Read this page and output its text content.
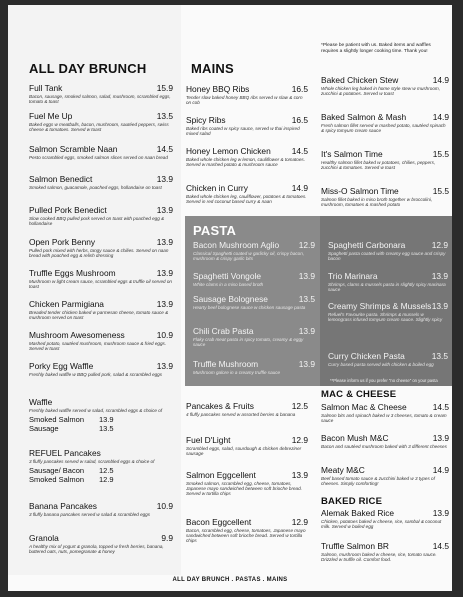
ALL DAY BRUNCH
Full Tank	15.9
Bacon, sausage, smoked salmon, salad, mushroom, scrambled eggs, tomato & toast
Fuel Me Up	13.5
Baked eggs w meatballs, bacon, mushroom, sautéed peppers, swiss cheese & tomatoes. Served w toast
Salmon Scramble Naan	14.5
Pesto scrambled eggs, smoked salmon slices served on naan bread
Salmon Benedict	13.9
Smoked salmon, guacamole, poached eggs, hollandaise on toast
Pulled Pork Benedict	13.9
Slow cooked BBQ pulled pork served on toast with poached egg & hollandaise
Open Pork Benny	13.9
Pulled pork mixed with herbs, tangy sauce & chilies. Served on naan bread with poached egg & relish dressing
Truffle Eggs Mushroom	13.9
Mushroom w light cream sauce, scrambled eggs & truffle oil served on toast
Chicken Parmigiana	13.9
Breaded tender chicken baked w parmesan cheese, tomato sauce & mushroom served on toast
Mushroom Awesomeness	10.9
Mashed potato, sautéed mushroom, mushroom sauce & fried eggs. Served w toast
Porky Egg Waffle	13.9
Freshly baked waffle w BBQ pulled pork, salad & scrambled eggs
Waffle
Freshly baked waffle served w salad, scrambled eggs & choice of
Smoked Salmon	13.9
Sausage	13.5
REFUEL Pancakes
3 fluffy pancakes served w salad, scrambled eggs & choice of
Sausage/ Bacon	12.5
Smoked Salmon	12.9
Banana Pancakes	10.9
3 fluffy banana pancakes served w salad & scrambled eggs
Granola	9.9
A healthy mix of yogurt & granola, topped w fresh berries, banana, buttered oats, nuts, pomegranate & honey
MAINS
*Please be patient with us. Baked items and waffles requires a slightly longer cooking time. Thank you!
Honey BBQ Ribs	16.5
Tender slow baked honey BBQ ribs served w slaw & corn on cob
Spicy Ribs	16.5
Baked ribs coated w spicy sauce, served w thai inspired mixed salad
Honey Lemon Chicken 14.5
Baked whole chicken leg w lemon, cauliflower & tomatoes. Served w mashed potato & mushroom sauce
Chicken in Curry	14.9
Baked whole chicken leg, cauliflower, potatoes & tomatoes. Served in red coconut based curry & naan
Baked Chicken Stew	14.9
Whole chicken leg baked in home style stew w mushroom, zucchini & potatoes. Served w toast
Baked Salmon & Mash	14.9
Fresh salmon fillet served w mashed potato, sautéed spinach & spicy tomyum cream sauce
It's Salmon Time	15.5
Healthy salmon fillet baked w potatoes, chilies, peppers, zucchini & tomatoes. Served w toast
Miss-O Salmon Time	15.5
Salmon fillet baked in miso broth together w broccolini, mushroom, tomatoes & mashed potato
PASTA
Bacon Mushroom Aglio 12.9
Classical Spaghetti coated w garlicky oil, crispy bacon, mushroom & crispy garlic bits
Spaghetti Vongole	13.9
White clams in a miso based broth
Sausage Bolognese	13.5
Hearty beef bolognese sauce w chicken sausage pasta
Chili Crab Pasta	13.9
Flaky crab meat pasta in spicy tomato, creamy & eggy sauce
Truffle Mushroom	13.9
Mushroom galore in a creamy truffle sauce
Spaghetti Carbonara	12.9
Spaghetti pasta coated with creamy egg sauce and crispy bacon
Trio Marinara	13.9
Shrimps, clams & mussels pasta in slightly spicy marinara sauce
Creamy Shrimps & Mussels 13.9
Refuel's Favourite pasta. Shrimps & mussels w lemongrass infused tomyum cream sauce. Slightly spicy
Curry Chicken Pasta	13.5
Curry based pasta served with chicken & boiled egg
**Please inform us if you prefer "no cheese" on your pasta
Pancakes & Fruits	12.5
4 fluffy pancakes served w assorted berries & banana
Fuel D'Light	12.9
Scrambled eggs, salad, sourdough & chicken debreziner sausage
Salmon Eggcellent	13.9
Smoked salmon, scrambled egg, cheese, tomatoes, Japanese mayo sandwiched between soft brioche bread. Served w tortilla chips
Bacon Eggcellent	12.9
Bacon, scrambled egg, cheese, tomatoes, Japanese mayo sandwiched between soft brioche bread. Served w tortilla chips
MAC & CHEESE
Salmon Mac & Cheese	14.5
Salmon bits and spinach baked w 3 cheeses, tomato & cream sauce
Bacon Mush M&C	13.9
Bacon and sautéed mushroom baked with 3 different cheeses
Meaty M&C	14.9
Beef based tomato sauce & zucchini baked w 3 types of cheeses. Simply comforting!
BAKED RICE
Alemak Baked Rice	13.9
Chicken, potatoes baked w cheese, rice, sambal & coconut milk. Served w boiled egg
Truffle Salmon BR	14.5
Salmon, mushroom baked w cheese, rice, tomato sauce. Drizzled w truffle oil. Comfort food.
ALL DAY BRUNCH . PASTAS . MAINS
